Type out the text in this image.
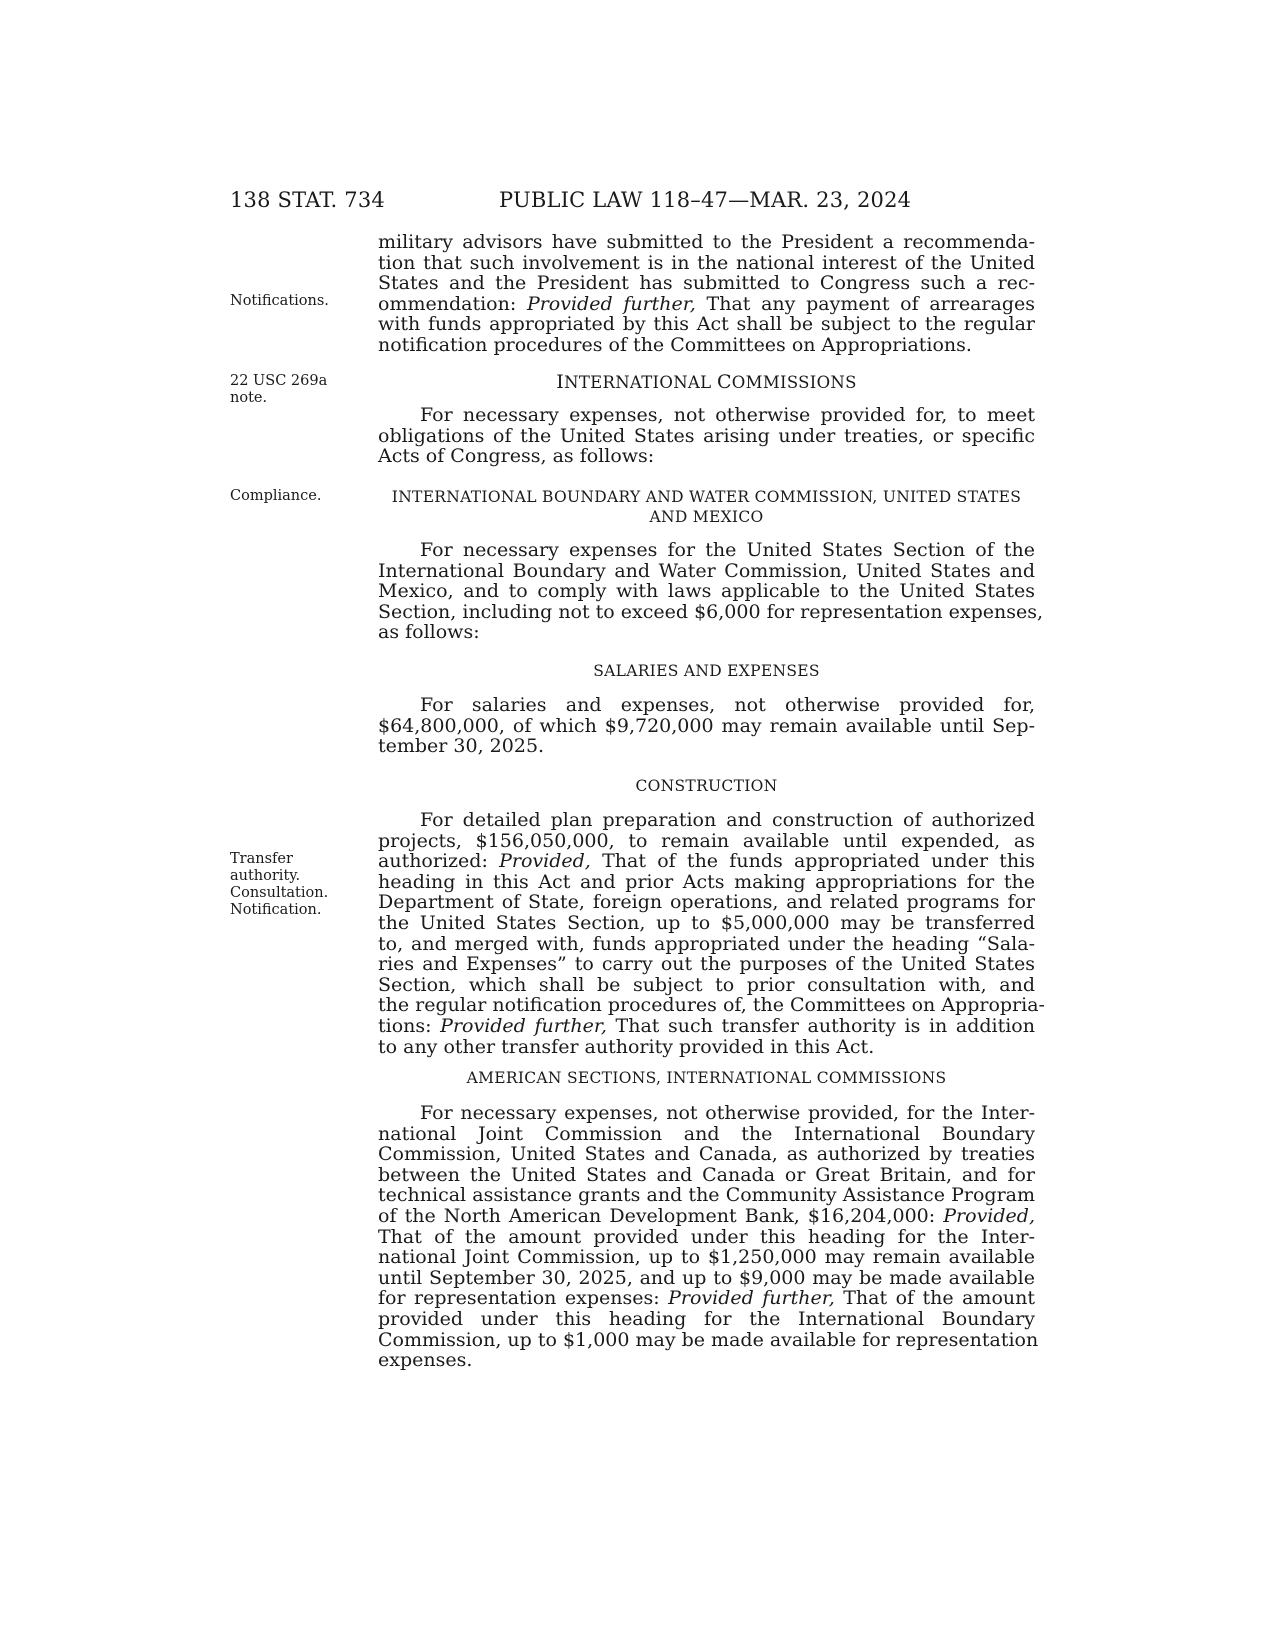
138 STAT. 734	PUBLIC LAW 118–47—MAR. 23, 2024
Notifications.
22 USC 269a
note.
Compliance.
Transfer
authority.
Consultation.
Notification.
military advisors have submitted to the President a recommenda-
tion that such involvement is in the national interest of the United
States and the President has submitted to Congress such a rec-
ommendation: Provided further, That any payment of arrearages
with funds appropriated by this Act shall be subject to the regular
notification procedures of the Committees on Appropriations.
INTERNATIONAL COMMISSIONS
For necessary expenses, not otherwise provided for, to meet
obligations of the United States arising under treaties, or specific
Acts of Congress, as follows:
INTERNATIONAL BOUNDARY AND WATER COMMISSION, UNITED STATES
AND MEXICO
For necessary expenses for the United States Section of the
International Boundary and Water Commission, United States and
Mexico, and to comply with laws applicable to the United States
Section, including not to exceed $6,000 for representation expenses,
as follows:
SALARIES AND EXPENSES
For salaries and expenses, not otherwise provided for,
$64,800,000, of which $9,720,000 may remain available until Sep-
tember 30, 2025.
CONSTRUCTION
For detailed plan preparation and construction of authorized
projects, $156,050,000, to remain available until expended, as
authorized: Provided, That of the funds appropriated under this
heading in this Act and prior Acts making appropriations for the
Department of State, foreign operations, and related programs for
the United States Section, up to $5,000,000 may be transferred
to, and merged with, funds appropriated under the heading “Sala-
ries and Expenses” to carry out the purposes of the United States
Section, which shall be subject to prior consultation with, and
the regular notification procedures of, the Committees on Appropria-
tions: Provided further, That such transfer authority is in addition
to any other transfer authority provided in this Act.
AMERICAN SECTIONS, INTERNATIONAL COMMISSIONS
For necessary expenses, not otherwise provided, for the Inter-
national Joint Commission and the International Boundary
Commission, United States and Canada, as authorized by treaties
between the United States and Canada or Great Britain, and for
technical assistance grants and the Community Assistance Program
of the North American Development Bank, $16,204,000: Provided,
That of the amount provided under this heading for the Inter-
national Joint Commission, up to $1,250,000 may remain available
until September 30, 2025, and up to $9,000 may be made available
for representation expenses: Provided further, That of the amount
provided under this heading for the International Boundary
Commission, up to $1,000 may be made available for representation
expenses.
